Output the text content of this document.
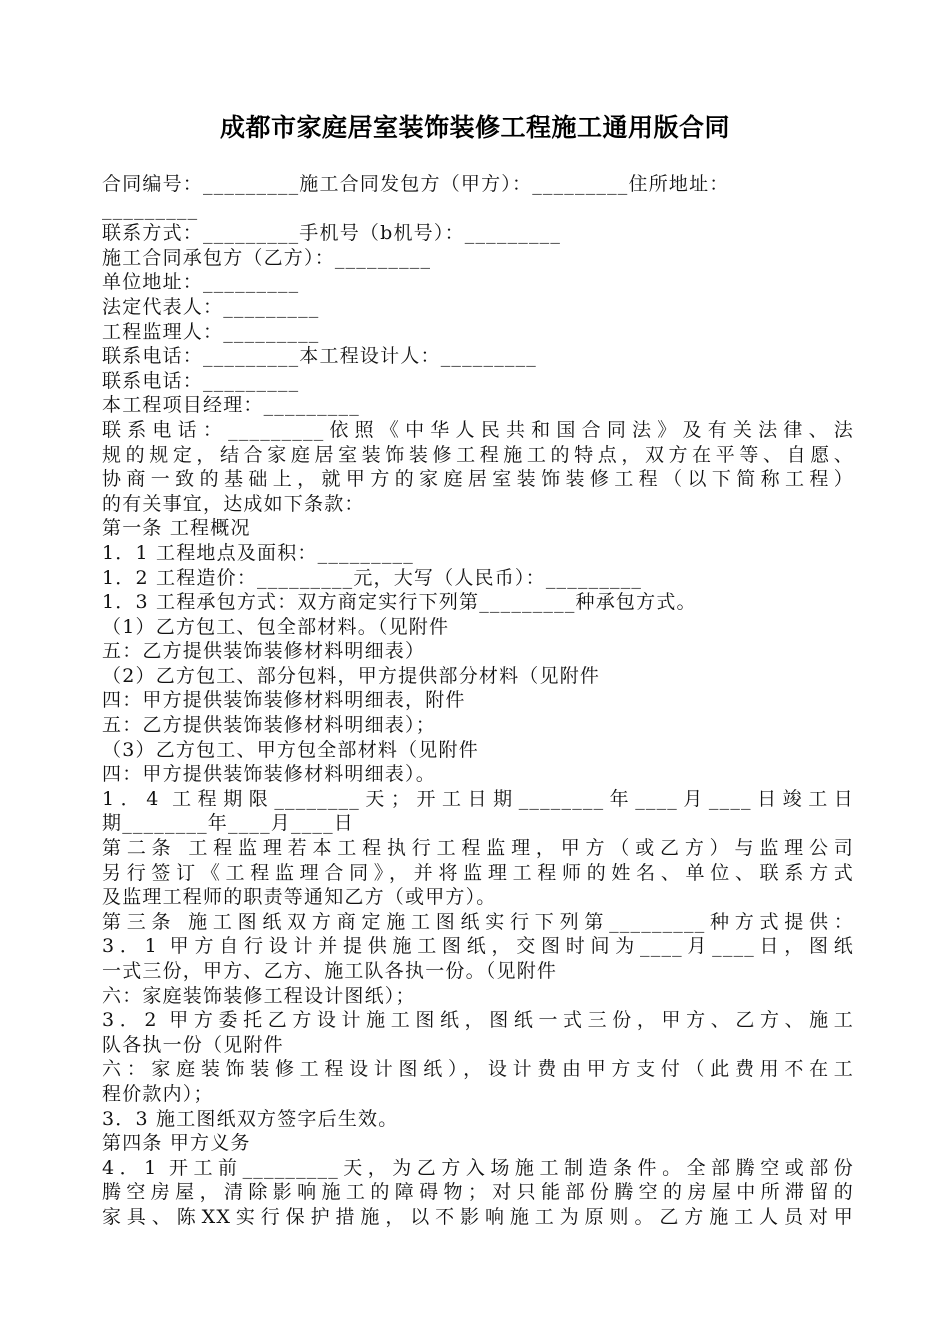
成都市家庭居室装饰装修工程施工通用版合同
合同编号：_________施工合同发包方（甲方）：_________住所地址：
_________
联系方式：_________手机号（b机号）：_________
施工合同承包方（乙方）：_________
单位地址：_________
法定代表人：_________
工程监理人：_________
联系电话：_________本工程设计人：_________
联系电话：_________
本工程项目经理：_________
联系电话：_________依照《中华人民共和国合同法》及有关法律、法
规的规定，结合家庭居室装饰装修工程施工的特点，双方在平等、自愿、
协商一致的基础上，就甲方的家庭居室装饰装修工程（以下简称工程）
的有关事宜，达成如下条款：
第一条 工程概况
1．1 工程地点及面积：_________
1．2 工程造价：_________元，大写（人民币）：_________
1．3 工程承包方式：双方商定实行下列第_________种承包方式。
（1）乙方包工、包全部材料。（见附件
五：乙方提供装饰装修材料明细表）
（2）乙方包工、部分包料，甲方提供部分材料（见附件
四：甲方提供装饰装修材料明细表，附件
五：乙方提供装饰装修材料明细表）；
（3）乙方包工、甲方包全部材料（见附件
四：甲方提供装饰装修材料明细表）。
1．4 工程期限________天；开工日期________年____月____日竣工日
期________年____月____日
第二条 工程监理若本工程执行工程监理，甲方（或乙方）与监理公司
另行签订《工程监理合同》，并将监理工程师的姓名、单位、联系方式
及监理工程师的职责等通知乙方（或甲方）。
第三条 施工图纸双方商定施工图纸实行下列第_________种方式提供：
3．1 甲方自行设计并提供施工图纸，交图时间为____月____日，图纸
一式三份，甲方、乙方、施工队各执一份。（见附件
六：家庭装饰装修工程设计图纸）；
3．2 甲方委托乙方设计施工图纸，图纸一式三份，甲方、乙方、施工
队各执一份（见附件
六：家庭装饰装修工程设计图纸），设计费由甲方支付（此费用不在工
程价款内）；
3．3 施工图纸双方签字后生效。
第四条 甲方义务
4．1 开工前_________天，为乙方入场施工制造条件。全部腾空或部份
腾空房屋，清除影响施工的障碍物；对只能部份腾空的房屋中所滞留的
家具、陈XX实行保护措施，以不影响施工为原则。乙方施工人员对甲
